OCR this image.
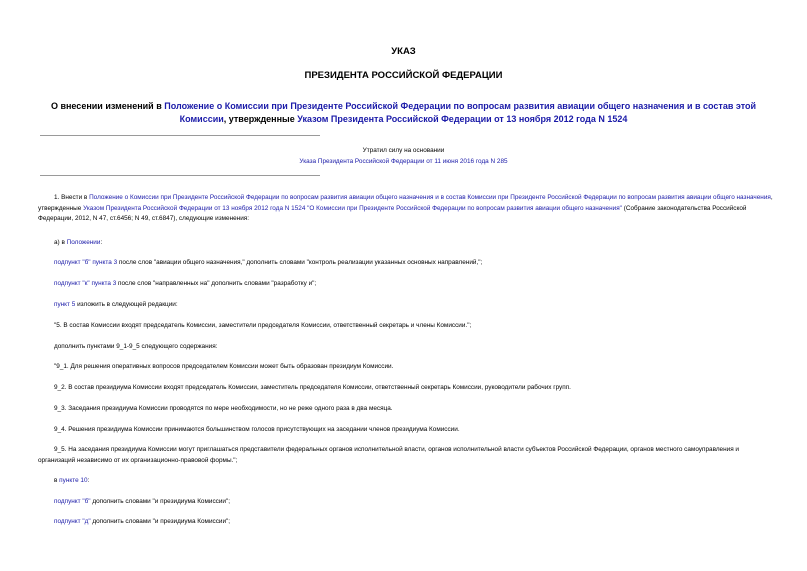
УКАЗ
ПРЕЗИДЕНТА РОССИЙСКОЙ ФЕДЕРАЦИИ
О внесении изменений в Положение о Комиссии при Президенте Российской Федерации по вопросам развития авиации общего назначения и в состав этой Комиссии, утвержденные Указом Президента Российской Федерации от 13 ноября 2012 года N 1524
Утратил силу на основании
Указа Президента Российской Федерации от 11 июня 2016 года N 285
1. Внести в Положение о Комиссии при Президенте Российской Федерации по вопросам развития авиации общего назначения и в состав Комиссии при Президенте Российской Федерации по вопросам развития авиации общего назначения, утвержденные Указом Президента Российской Федерации от 13 ноября 2012 года N 1524 "О Комиссии при Президенте Российской Федерации по вопросам развития авиации общего назначения" (Собрание законодательства Российской Федерации, 2012, N 47, ст.6456; N 49, ст.6847), следующие изменения:
а) в Положении:
подпункт "б" пункта 3 после слов "авиации общего назначения," дополнить словами "контроль реализации указанных основных направлений,";
подпункт "к" пункта 3 после слов "направленных на" дополнить словами "разработку и";
пункт 5 изложить в следующей редакции:
"5. В состав Комиссии входят председатель Комиссии, заместители председателя Комиссии, ответственный секретарь и члены Комиссии.";
дополнить пунктами 9_1-9_5 следующего содержания:
"9_1. Для решения оперативных вопросов председателем Комиссии может быть образован президиум Комиссии.
9_2. В состав президиума Комиссии входят председатель Комиссии, заместитель председателя Комиссии, ответственный секретарь Комиссии, руководители рабочих групп.
9_3. Заседания президиума Комиссии проводятся по мере необходимости, но не реже одного раза в два месяца.
9_4. Решения президиума Комиссии принимаются большинством голосов присутствующих на заседании членов президиума Комиссии.
9_5. На заседания президиума Комиссии могут приглашаться представители федеральных органов исполнительной власти, органов исполнительной власти субъектов Российской Федерации, органов местного самоуправления и организаций независимо от их организационно-правовой формы.";
в пункте 10:
подпункт "б" дополнить словами "и президиума Комиссии";
подпункт "д" дополнить словами "и президиума Комиссии";
